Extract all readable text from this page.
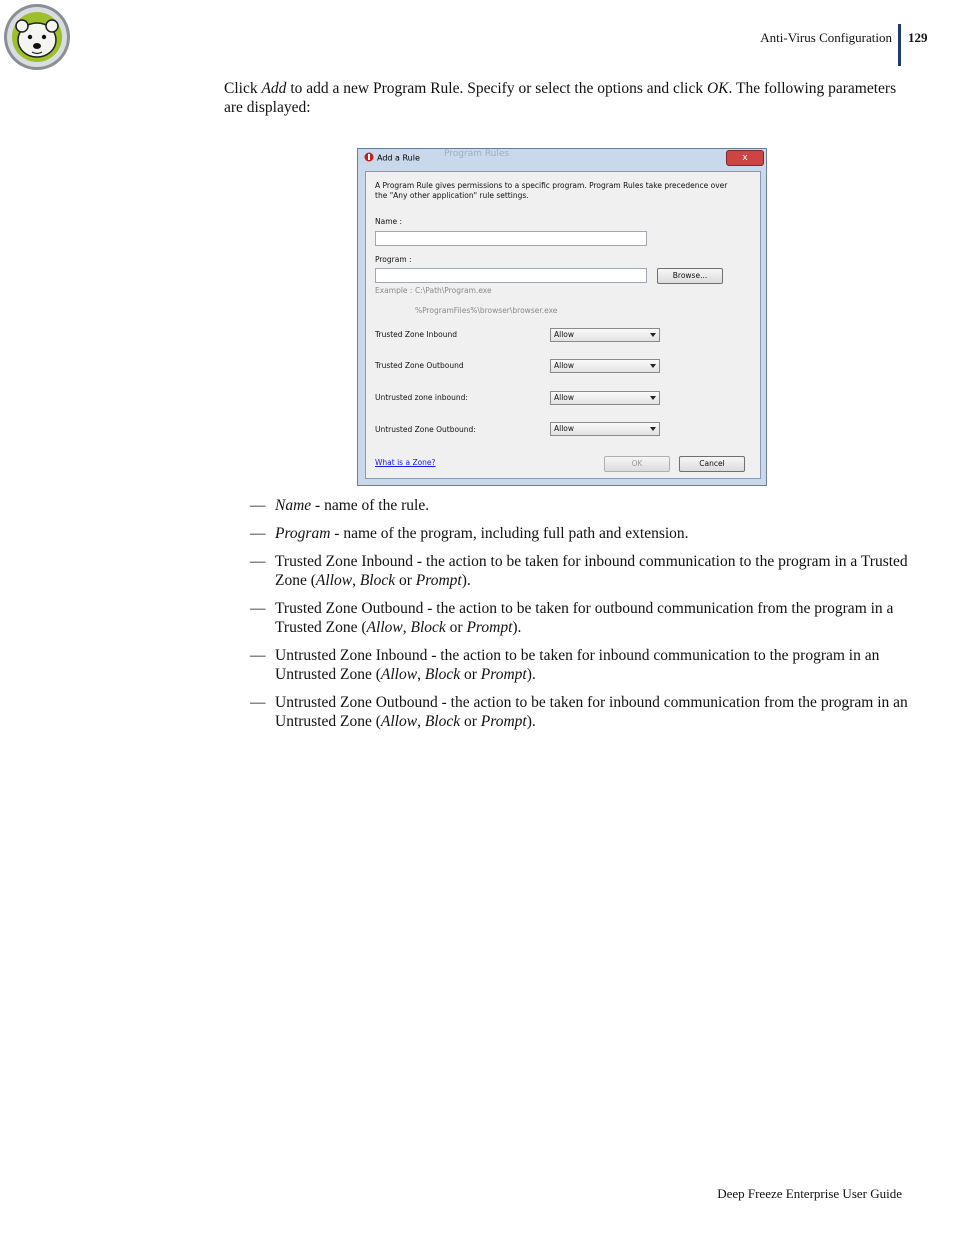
Anti-Virus Configuration 129

Click Add to add a new Program Rule. Specify or select the options and click OK. The following parameters are displayed:

Program Rules
Add a Rule	x
A Program Rule gives permissions to a specific program. Program Rules take precedence over the "Any other application" rule settings.
Name :
Program :
Browse...
Example : C:\Path\Program.exe
%ProgramFiles%\browser\browser.exe
Trusted Zone Inbound	Allow
Trusted Zone Outbound	Allow
Untrusted zone inbound:	Allow
Untrusted Zone Outbound:	Allow
What is a Zone?	OK	Cancel
— Name - name of the rule.
— Program - name of the program, including full path and extension.
— Trusted Zone Inbound - the action to be taken for inbound communication to the program in a Trusted Zone (Allow, Block or Prompt).
— Trusted Zone Outbound - the action to be taken for outbound communication from the program in a Trusted Zone (Allow, Block or Prompt).
— Untrusted Zone Inbound - the action to be taken for inbound communication to the program in an Untrusted Zone (Allow, Block or Prompt).
— Untrusted Zone Outbound - the action to be taken for inbound communication from the program in an Untrusted Zone (Allow, Block or Prompt).
Deep Freeze Enterprise User Guide
